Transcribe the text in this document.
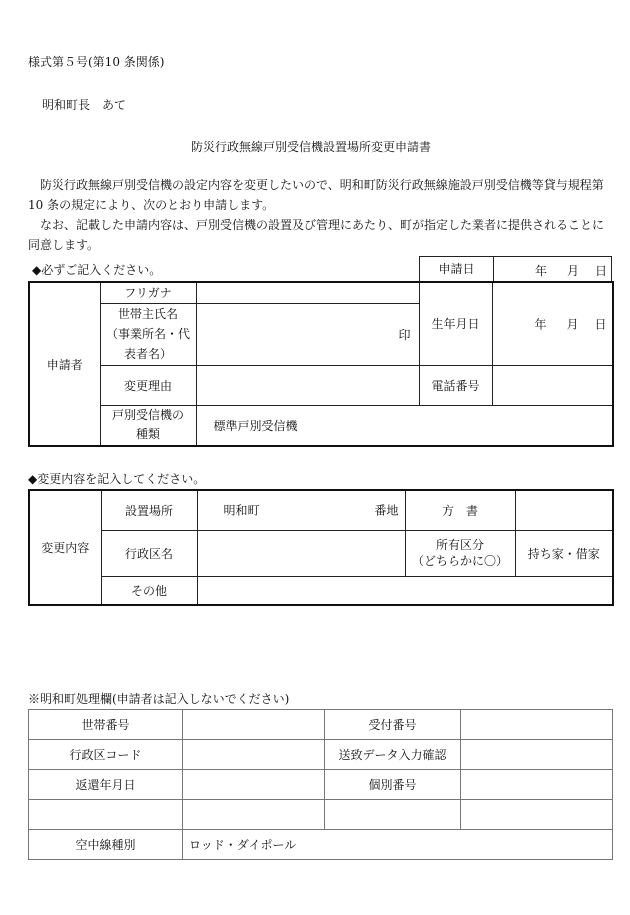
様式第５号(第10 条関係)
明和町長　あて
防災行政無線戸別受信機設置場所変更申請書
防災行政無線戸別受信機の設定内容を変更したいので、明和町防災行政無線施設戸別受信機等貸与規程第10 条の規定により、次のとおり申請します。
なお、記載した申請内容は、戸別受信機の設置及び管理にあたり、町が指定した業者に提供されることに同意します。
◆必ずご記入ください。	申請日	年 月 日
申請者	フリガナ		生年月日	年 月 日

	世帯主氏名
（事業所名・代
表者名）	印		
	変更理由		電話番号	

	戸別受信機の
種類	標準戸別受信機		
◆変更内容を記入してください。
変更内容	設置場所	明和町 番地	方　書	
	行政区名		所有区分
（どちらかに〇）	持ち家・借家
	その他			
※明和町処理欄(申請者は記入しないでください)
世帯番号		受付番号	
行政区コード		送致データ入力確認	
返還年月日		個別番号	

空中線種別	ロッド・ダイポール		
